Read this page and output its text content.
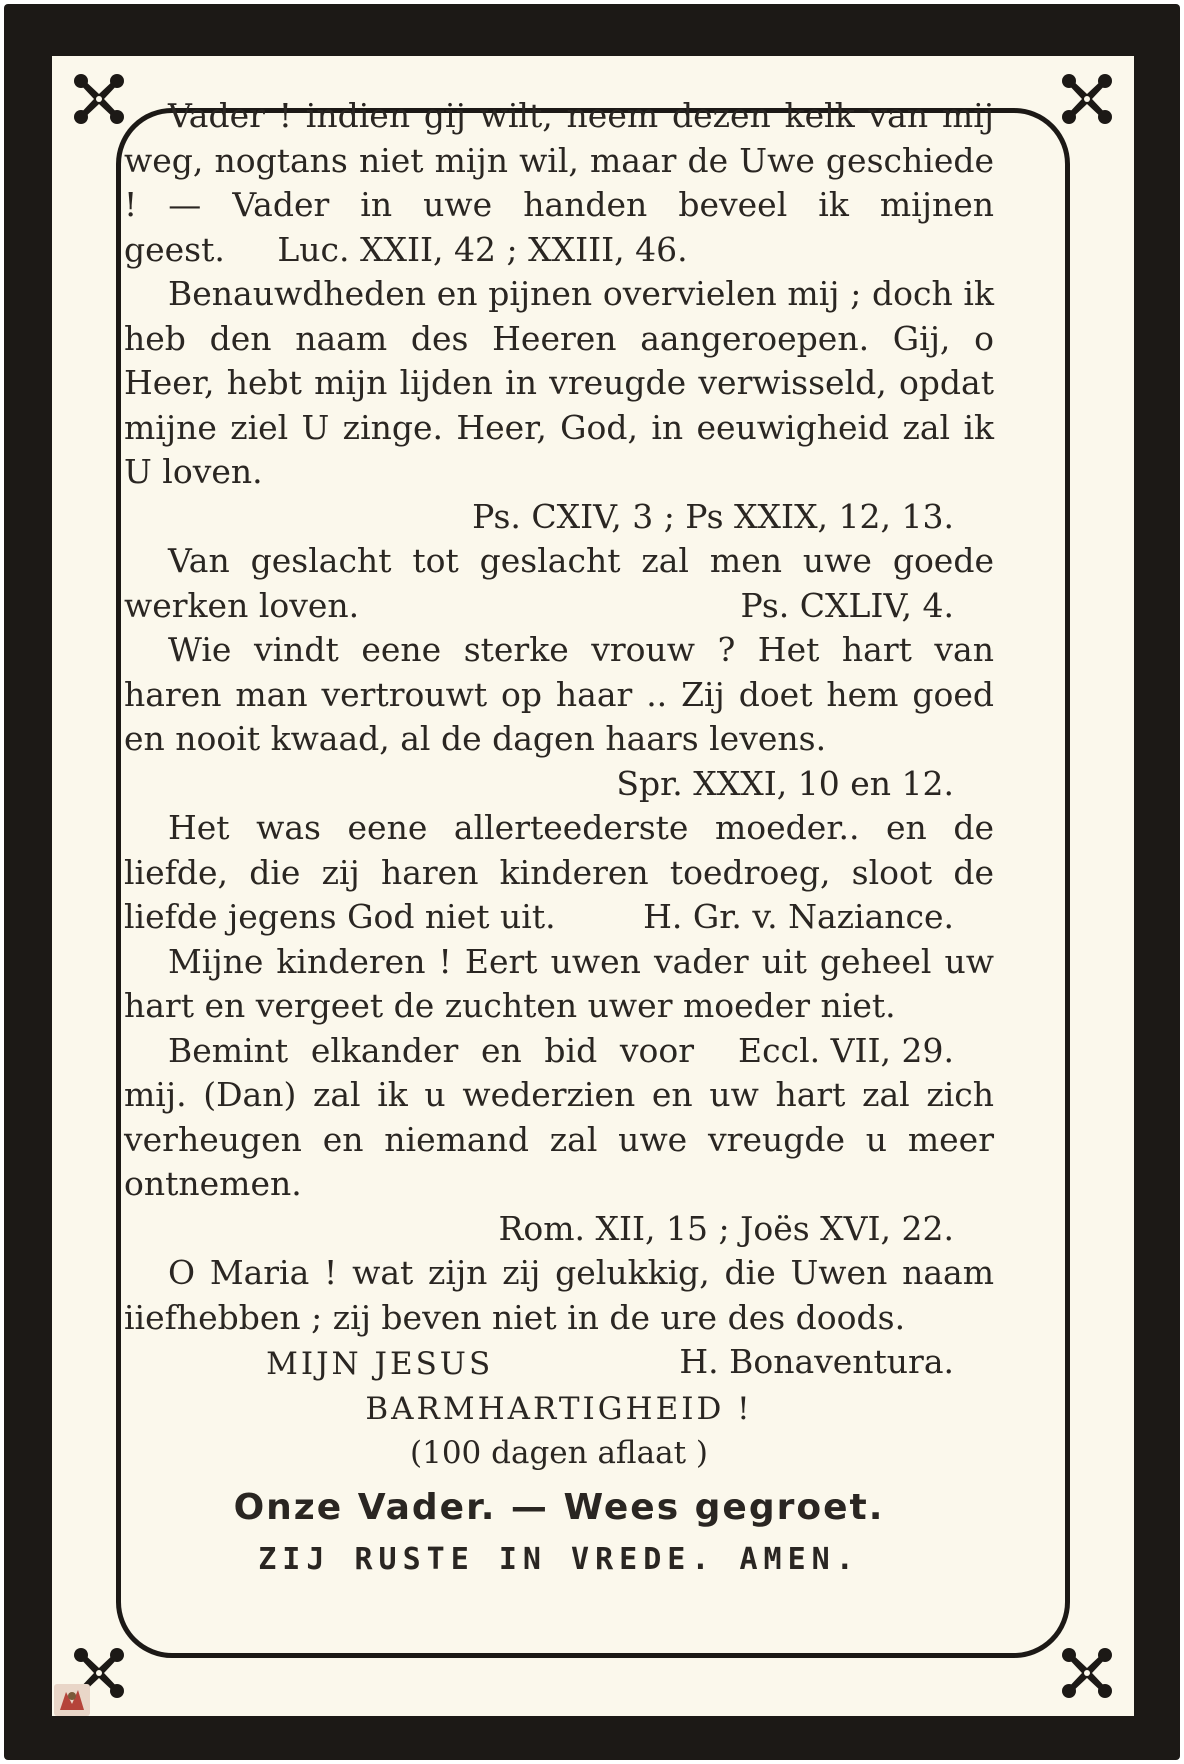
Vader ! indien gij wilt, neem dezen kelk van mij weg, nogtans niet mijn wil, maar de Uwe geschiede ! — Vader in uwe handen beveel ik mijnen geest. Luc. XXII, 42 ; XXIII, 46.

Benauwdheden en pijnen overvielen mij ; doch ik heb den naam des Heeren aangeroepen. Gij, o Heer, hebt mijn lijden in vreugde verwisseld, opdat mijne ziel U zinge. Heer, God, in eeuwigheid zal ik U loven.

Ps. CXIV, 3 ; Ps XXIX, 12, 13.

Van geslacht tot geslacht zal men uwe goede werken loven.	Ps. CXLIV, 4.

Wie vindt eene sterke vrouw ? Het hart van haren man vertrouwt op haar .. Zij doet hem goed en nooit kwaad, al de dagen haars levens.

Spr. XXXI, 10 en 12.

Het was eene allerteederste moeder.. en de liefde, die zij haren kinderen toedroeg, sloot de liefde jegens God niet uit.	H. Gr. v. Naziance.

Mijne kinderen ! Eert uwen vader uit geheel uw hart en vergeet de zuchten uwer moeder niet.
Eccl. VII, 29.

Bemint elkander en bid voor mij. (Dan) zal ik u wederzien en uw hart zal zich verheugen en niemand zal uwe vreugde u meer ontnemen.

Rom. XII, 15 ; Joës XVI, 22.

O Maria ! wat zijn zij gelukkig, die Uwen naam iiefhebben ; zij beven niet in de ure des doods.
H. Bonaventura.

MIJN JESUS BARMHARTIGHEID !

(100 dagen aflaat )

Onze Vader. — Wees gegroet.

ZIJ RUSTE IN VREDE. AMEN.
